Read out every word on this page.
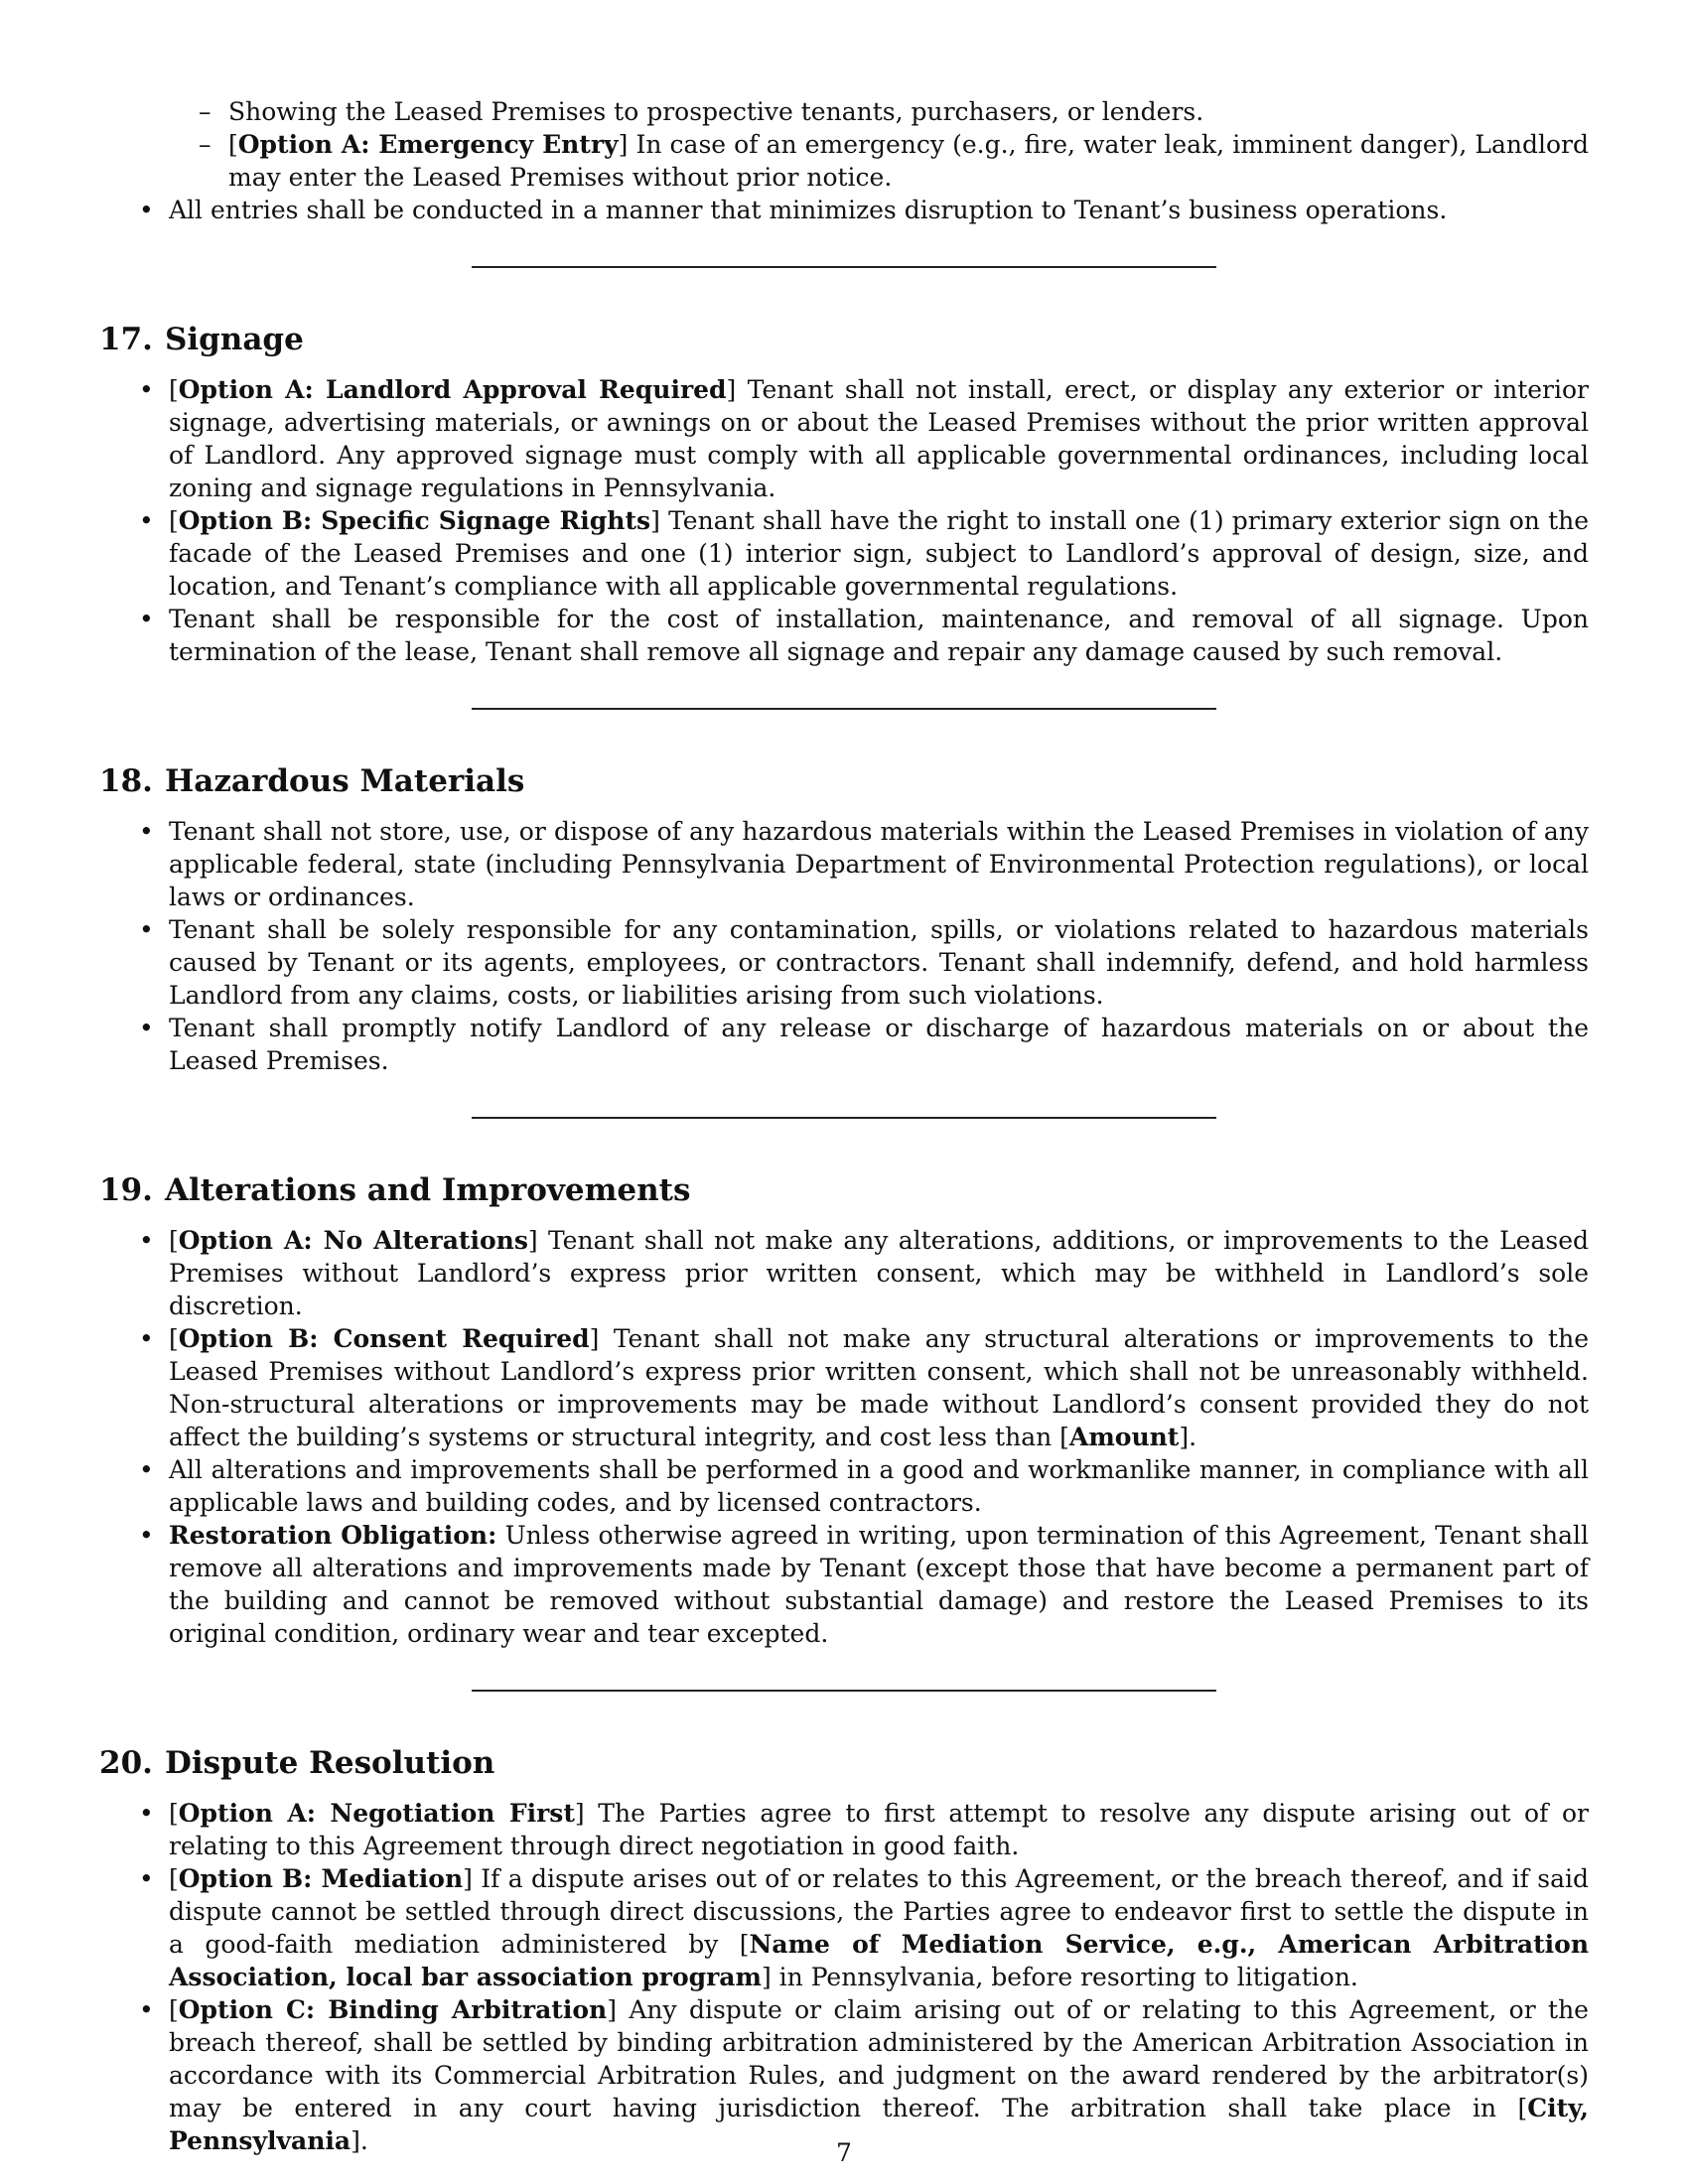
– Showing the Leased Premises to prospective tenants, purchasers, or lenders.
– [Option A: Emergency Entry] In case of an emergency (e.g., fire, water leak, imminent danger), Landlord may enter the Leased Premises without prior notice.
• All entries shall be conducted in a manner that minimizes disruption to Tenant’s business operations.
17. Signage
• [Option A: Landlord Approval Required] Tenant shall not install, erect, or display any exterior or interior signage, advertising materials, or awnings on or about the Leased Premises without the prior written approval of Landlord. Any approved signage must comply with all applicable governmental ordinances, including local zoning and signage regulations in Pennsylvania.
• [Option B: Specific Signage Rights] Tenant shall have the right to install one (1) primary exterior sign on the facade of the Leased Premises and one (1) interior sign, subject to Landlord’s approval of design, size, and location, and Tenant’s compliance with all applicable governmental regulations.
• Tenant shall be responsible for the cost of installation, maintenance, and removal of all signage. Upon termination of the lease, Tenant shall remove all signage and repair any damage caused by such removal.
18. Hazardous Materials
• Tenant shall not store, use, or dispose of any hazardous materials within the Leased Premises in violation of any applicable federal, state (including Pennsylvania Department of Environmental Protection regulations), or local laws or ordinances.
• Tenant shall be solely responsible for any contamination, spills, or violations related to hazardous materials caused by Tenant or its agents, employees, or contractors. Tenant shall indemnify, defend, and hold harmless Landlord from any claims, costs, or liabilities arising from such violations.
• Tenant shall promptly notify Landlord of any release or discharge of hazardous materials on or about the Leased Premises.
19. Alterations and Improvements
• [Option A: No Alterations] Tenant shall not make any alterations, additions, or improvements to the Leased Premises without Landlord’s express prior written consent, which may be withheld in Landlord’s sole discretion.
• [Option B: Consent Required] Tenant shall not make any structural alterations or improvements to the Leased Premises without Landlord’s express prior written consent, which shall not be unreasonably withheld. Non-structural alterations or improvements may be made without Landlord’s consent provided they do not affect the building’s systems or structural integrity, and cost less than [Amount].
• All alterations and improvements shall be performed in a good and workmanlike manner, in compliance with all applicable laws and building codes, and by licensed contractors.
• Restoration Obligation: Unless otherwise agreed in writing, upon termination of this Agreement, Tenant shall remove all alterations and improvements made by Tenant (except those that have become a permanent part of the building and cannot be removed without substantial damage) and restore the Leased Premises to its original condition, ordinary wear and tear excepted.
20. Dispute Resolution
• [Option A: Negotiation First] The Parties agree to first attempt to resolve any dispute arising out of or relating to this Agreement through direct negotiation in good faith.
• [Option B: Mediation] If a dispute arises out of or relates to this Agreement, or the breach thereof, and if said dispute cannot be settled through direct discussions, the Parties agree to endeavor first to settle the dispute in a good-faith mediation administered by [Name of Mediation Service, e.g., American Arbitration Association, local bar association program] in Pennsylvania, before resorting to litigation.
• [Option C: Binding Arbitration] Any dispute or claim arising out of or relating to this Agreement, or the breach thereof, shall be settled by binding arbitration administered by the American Arbitration Association in accordance with its Commercial Arbitration Rules, and judgment on the award rendered by the arbitrator(s) may be entered in any court having jurisdiction thereof. The arbitration shall take place in [City, Pennsylvania].	7
